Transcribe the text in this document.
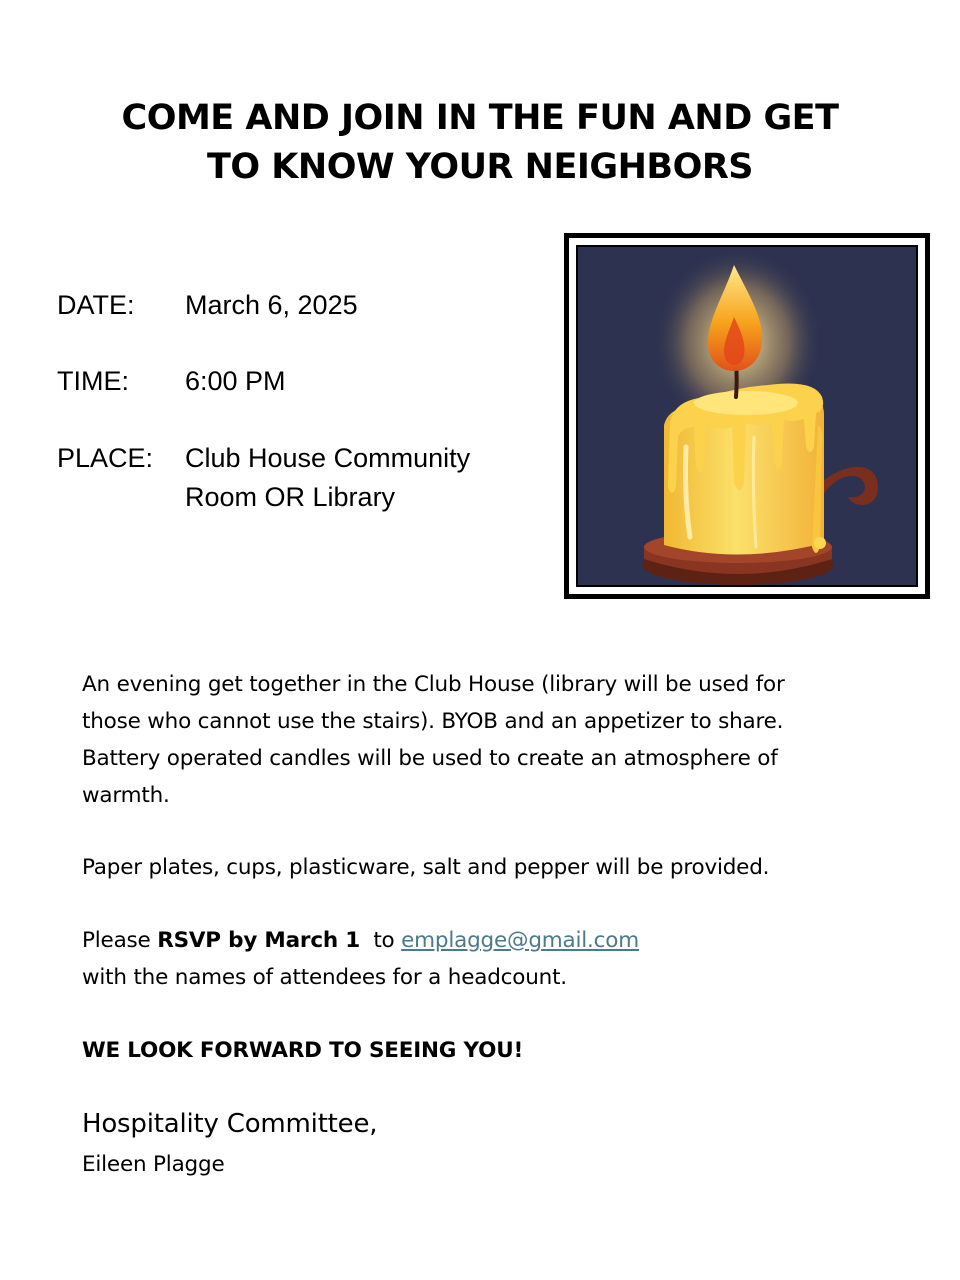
COME AND JOIN IN THE FUN AND GET
TO KNOW YOUR NEIGHBORS
DATE: March 6, 2025
TIME: 6:00 PM
PLACE: Club House Community
Room OR Library
An evening get together in the Club House (library will be used for
those who cannot use the stairs). BYOB and an appetizer to share.
Battery operated candles will be used to create an atmosphere of
warmth.
Paper plates, cups, plasticware, salt and pepper will be provided.
Please RSVP by March 1  to emplagge@gmail.com
with the names of attendees for a headcount.
WE LOOK FORWARD TO SEEING YOU!
Hospitality Committee,
Eileen Plagge
